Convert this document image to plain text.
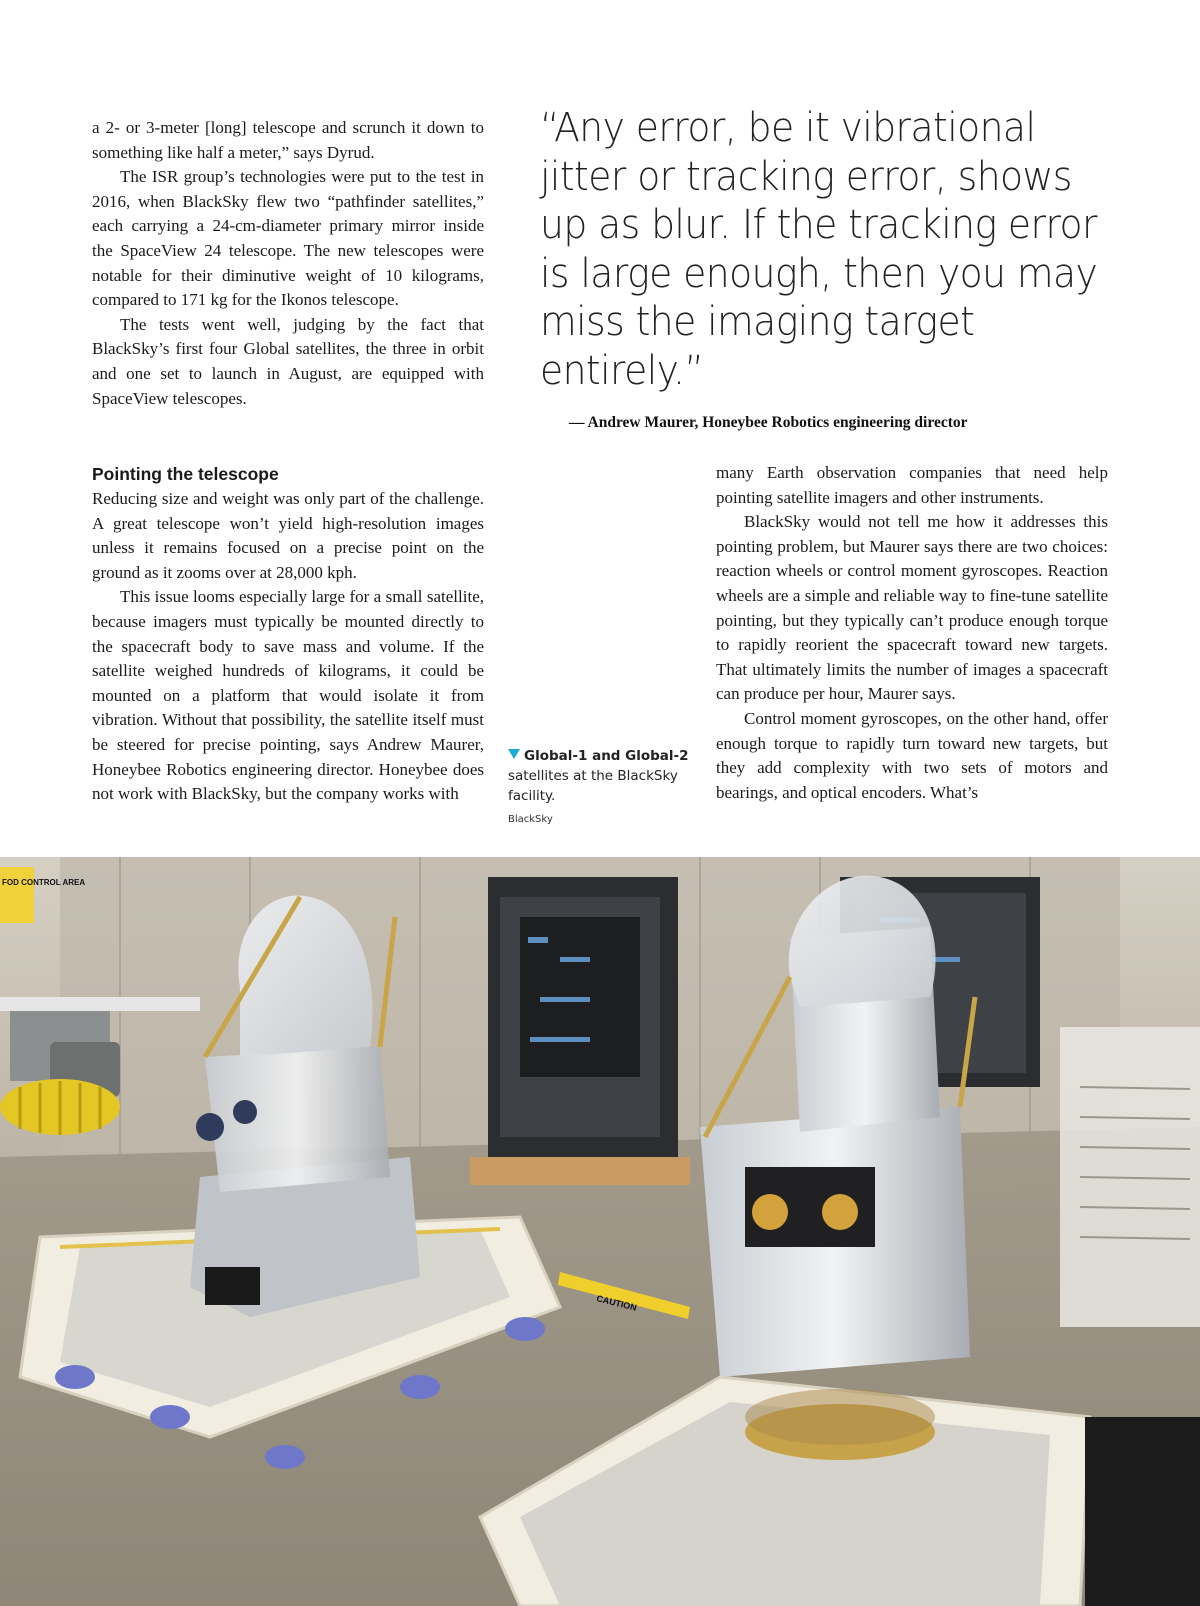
a 2- or 3-meter [long] telescope and scrunch it down to something like half a meter,” says Dyrud.

The ISR group’s technologies were put to the test in 2016, when BlackSky flew two “pathfinder satellites,” each carrying a 24-cm-diameter primary mirror inside the SpaceView 24 telescope. The new telescopes were notable for their diminutive weight of 10 kilograms, compared to 171 kg for the Ikonos telescope.

The tests went well, judging by the fact that BlackSky’s first four Global satellites, the three in orbit and one set to launch in August, are equipped with SpaceView telescopes.

“Any error, be it vibrational jitter or tracking error, shows up as blur. If the tracking error is large enough, then you may miss the imaging target entirely.”

— Andrew Maurer, Honeybee Robotics engineering director
Pointing the telescope

Reducing size and weight was only part of the challenge. A great telescope won’t yield high-resolution images unless it remains focused on a precise point on the ground as it zooms over at 28,000 kph.

This issue looms especially large for a small satellite, because imagers must typically be mounted directly to the spacecraft body to save mass and volume. If the satellite weighed hundreds of kilograms, it could be mounted on a platform that would isolate it from vibration. Without that possibility, the satellite itself must be steered for precise pointing, says Andrew Maurer, Honeybee Robotics engineering director. Honeybee does not work with BlackSky, but the company works with

Global-1 and Global-2
satellites at the BlackSky facility.
BlackSky

many Earth observation companies that need help pointing satellite imagers and other instruments.

BlackSky would not tell me how it addresses this pointing problem, but Maurer says there are two choices: reaction wheels or control moment gyroscopes. Reaction wheels are a simple and reliable way to fine-tune satellite pointing, but they typically can’t produce enough torque to rapidly reorient the spacecraft toward new targets. That ultimately limits the number of images a spacecraft can produce per hour, Maurer says.

Control moment gyroscopes, on the other hand, offer enough torque to rapidly turn toward new targets, but they add complexity with two sets of motors and bearings, and optical encoders. What’s

FOD CONTROL AREA
CAUTION
